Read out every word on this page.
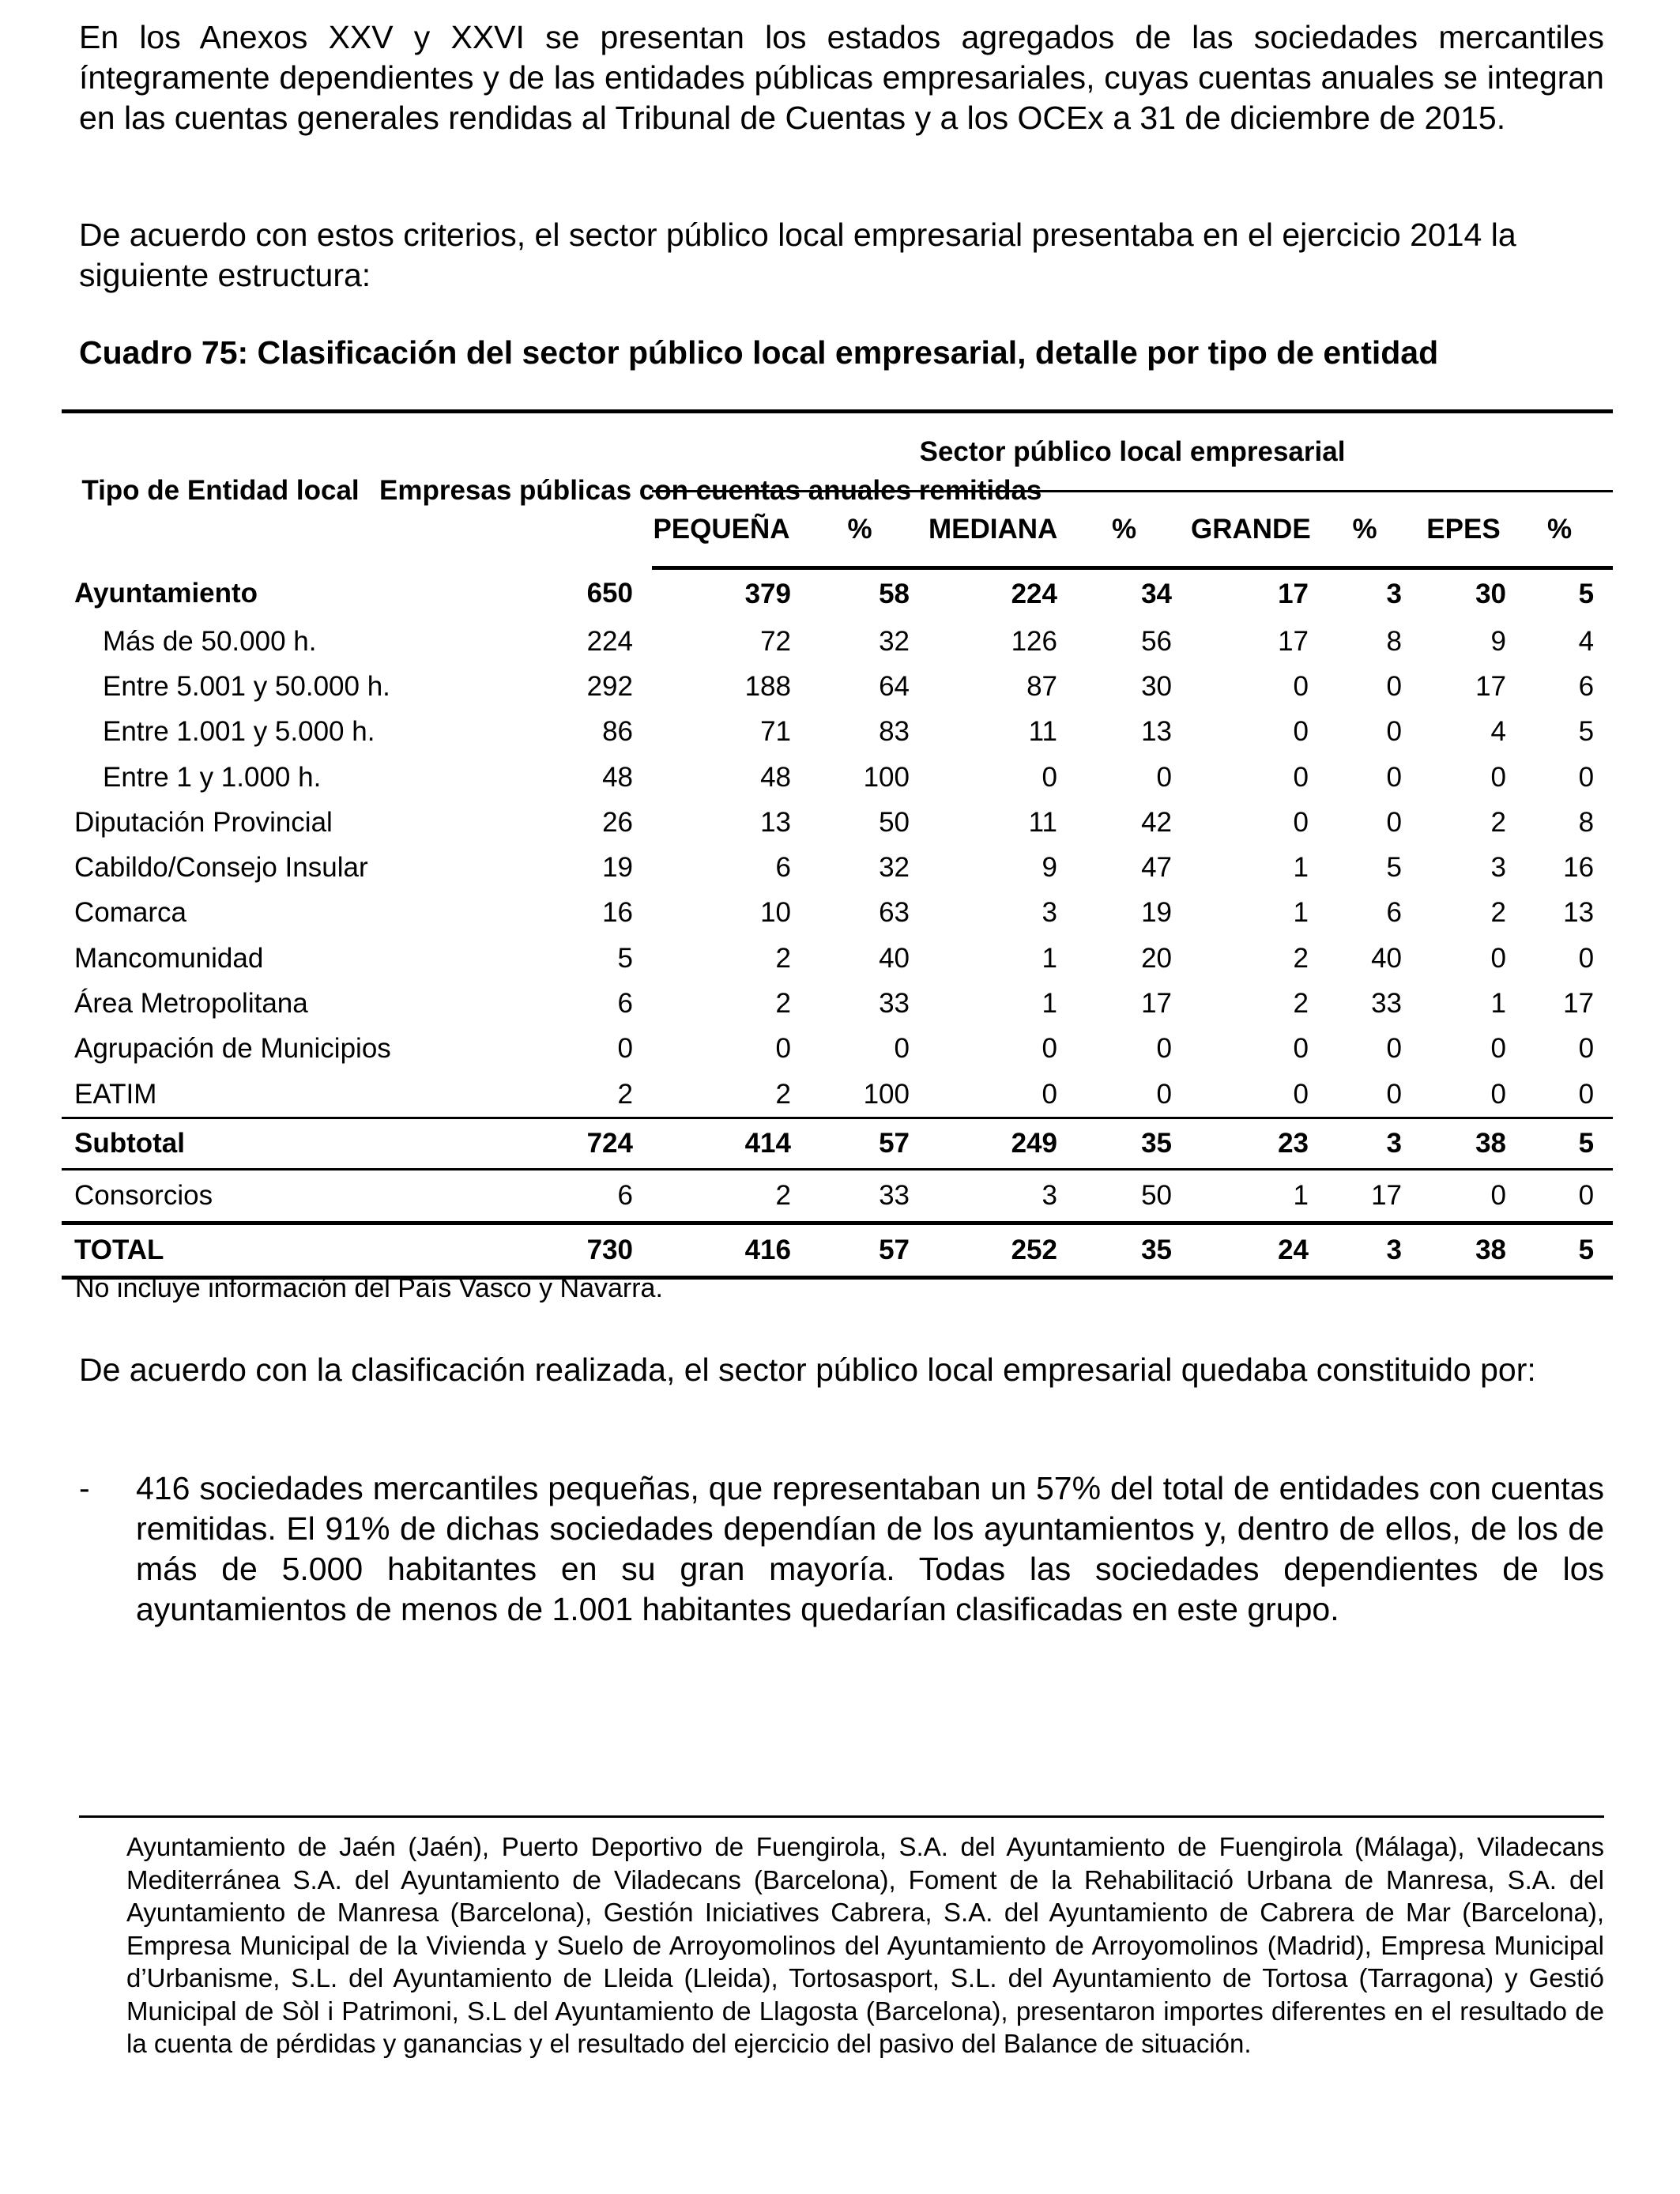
En los Anexos XXV y XXVI se presentan los estados agregados de las sociedades mercantiles íntegramente dependientes y de las entidades públicas empresariales, cuyas cuentas anuales se integran en las cuentas generales rendidas al Tribunal de Cuentas y a los OCEx a 31 de diciembre de 2015.

De acuerdo con estos criterios, el sector público local empresarial presentaba en el ejercicio 2014 la siguiente estructura:

Cuadro 75: Clasificación del sector público local empresarial, detalle por tipo de entidad

Tipo de Entidad local	Empresas públicas con cuentas anuales remitidas	Sector público local empresarial							
		PEQUEÑA	%	MEDIANA	%	GRANDE	%	EPES	%
Ayuntamiento	650	379	58	224	34	17	3	30	5
Más de 50.000 h.	224	72	32	126	56	17	8	9	4
Entre 5.001 y 50.000 h.	292	188	64	87	30	0	0	17	6
Entre 1.001 y 5.000 h.	86	71	83	11	13	0	0	4	5
Entre 1 y 1.000 h.	48	48	100	0	0	0	0	0	0
Diputación Provincial	26	13	50	11	42	0	0	2	8
Cabildo/Consejo Insular	19	6	32	9	47	1	5	3	16
Comarca	16	10	63	3	19	1	6	2	13
Mancomunidad	5	2	40	1	20	2	40	0	0
Área Metropolitana	6	2	33	1	17	2	33	1	17
Agrupación de Municipios	0	0	0	0	0	0	0	0	0
EATIM	2	2	100	0	0	0	0	0	0
Subtotal	724	414	57	249	35	23	3	38	5
Consorcios	6	2	33	3	50	1	17	0	0
TOTAL	730	416	57	252	35	24	3	38	5

No incluye información del País Vasco y Navarra.

De acuerdo con la clasificación realizada, el sector público local empresarial quedaba constituido por:

- 416 sociedades mercantiles pequeñas, que representaban un 57% del total de entidades con cuentas remitidas. El 91% de dichas sociedades dependían de los ayuntamientos y, dentro de ellos, de los de más de 5.000 habitantes en su gran mayoría. Todas las sociedades dependientes de los ayuntamientos de menos de 1.001 habitantes quedarían clasificadas en este grupo.

Ayuntamiento de Jaén (Jaén), Puerto Deportivo de Fuengirola, S.A. del Ayuntamiento de Fuengirola (Málaga), Viladecans Mediterránea S.A. del Ayuntamiento de Viladecans (Barcelona), Foment de la Rehabilitació Urbana de Manresa, S.A. del Ayuntamiento de Manresa (Barcelona), Gestión Iniciatives Cabrera, S.A. del Ayuntamiento de Cabrera de Mar (Barcelona), Empresa Municipal de la Vivienda y Suelo de Arroyomolinos del Ayuntamiento de Arroyomolinos (Madrid), Empresa Municipal d’Urbanisme, S.L. del Ayuntamiento de Lleida (Lleida), Tortosasport, S.L. del Ayuntamiento de Tortosa (Tarragona) y Gestió Municipal de Sòl i Patrimoni, S.L del Ayuntamiento de Llagosta (Barcelona), presentaron importes diferentes en el resultado de la cuenta de pérdidas y ganancias y el resultado del ejercicio del pasivo del Balance de situación.
